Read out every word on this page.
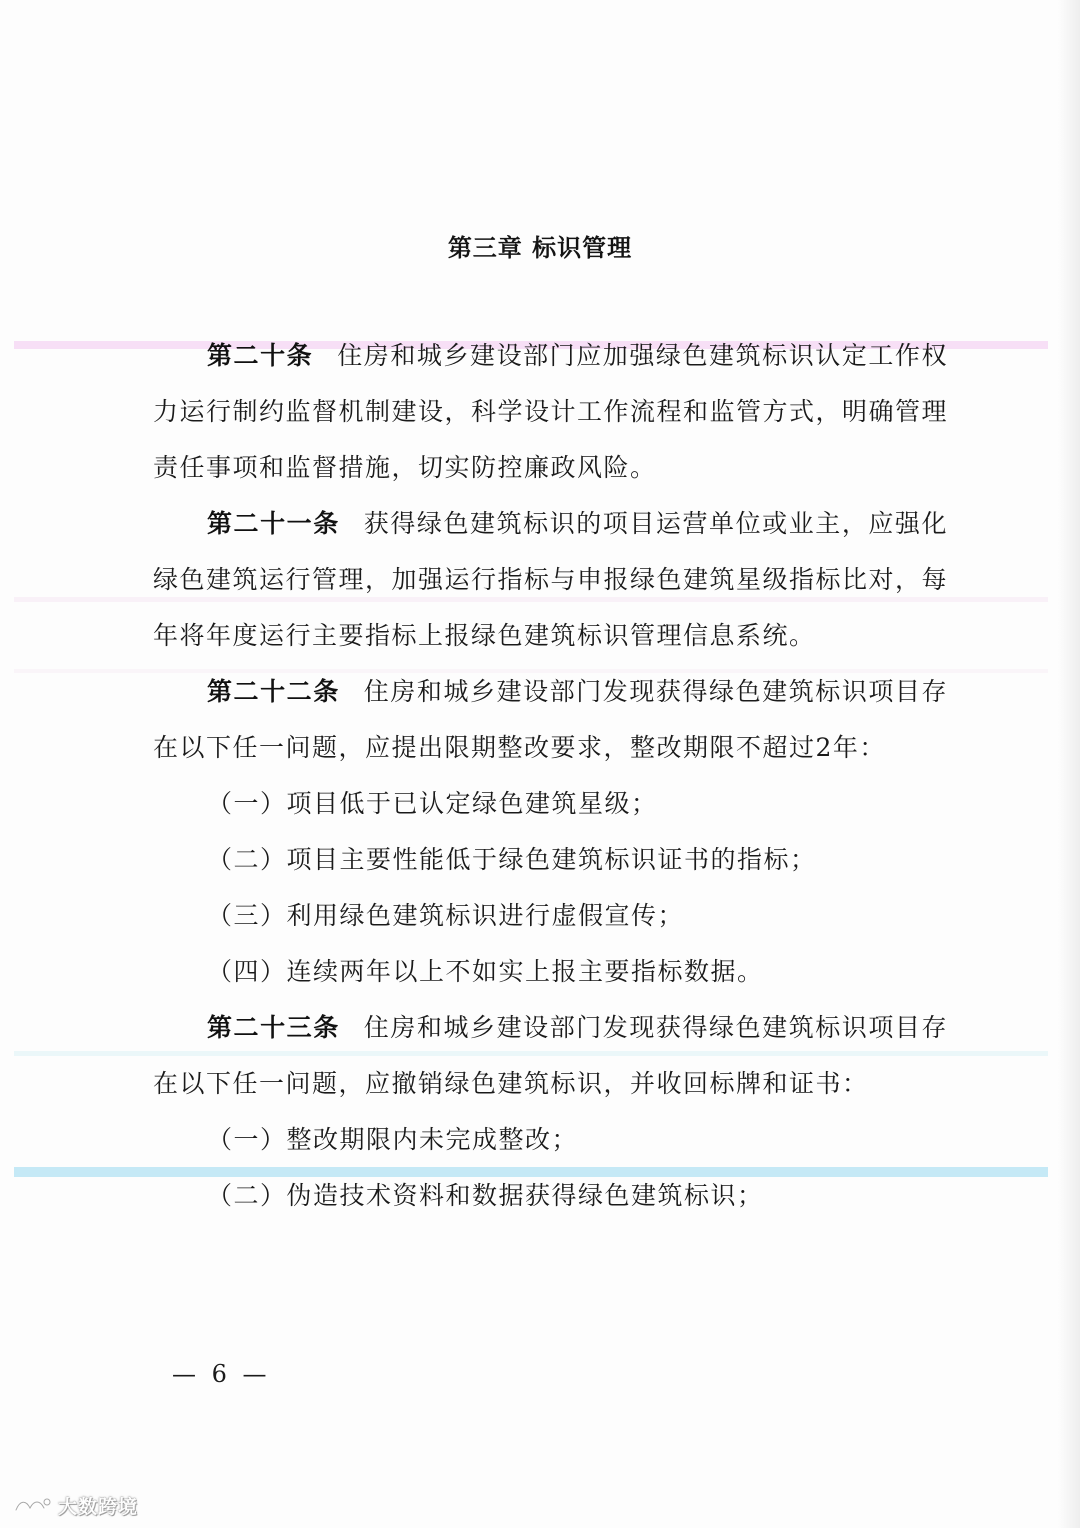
第三章 标识管理

第二十条 住房和城乡建设部门应加强绿色建筑标识认定工作权力运行制约监督机制建设，科学设计工作流程和监管方式，明确管理责任事项和监督措施，切实防控廉政风险。

第二十一条 获得绿色建筑标识的项目运营单位或业主，应强化绿色建筑运行管理，加强运行指标与申报绿色建筑星级指标比对，每年将年度运行主要指标上报绿色建筑标识管理信息系统。

第二十二条 住房和城乡建设部门发现获得绿色建筑标识项目存在以下任一问题，应提出限期整改要求，整改期限不超过2年：

（一）项目低于已认定绿色建筑星级；

（二）项目主要性能低于绿色建筑标识证书的指标；

（三）利用绿色建筑标识进行虚假宣传；

（四）连续两年以上不如实上报主要指标数据。

第二十三条 住房和城乡建设部门发现获得绿色建筑标识项目存在以下任一问题，应撤销绿色建筑标识，并收回标牌和证书：

（一）整改期限内未完成整改；

（二）伪造技术资料和数据获得绿色建筑标识；

— 6 —
大数跨境
